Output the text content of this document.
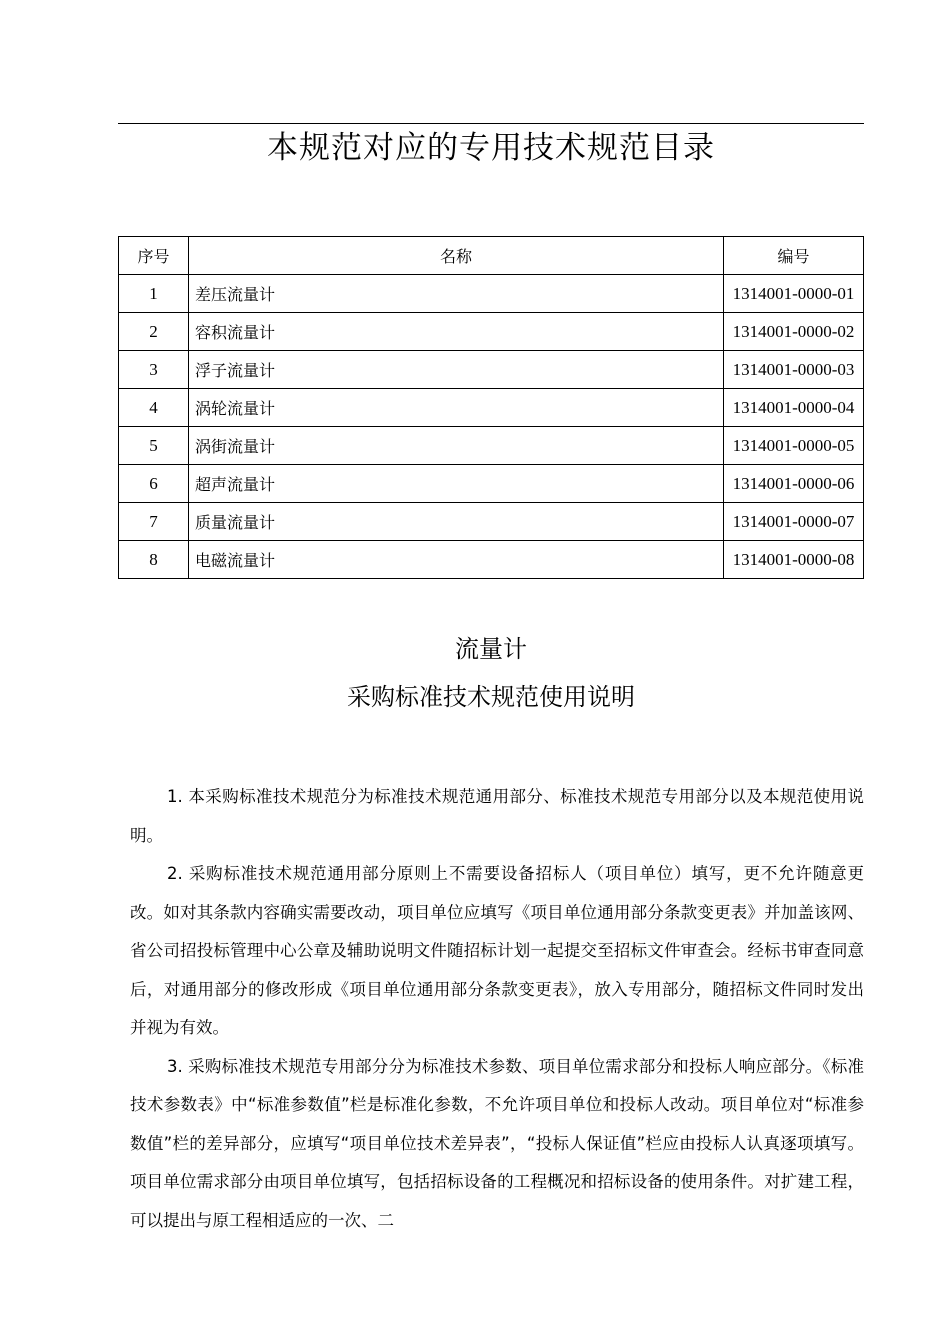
本规范对应的专用技术规范目录
序号	名称	编号
1	差压流量计	1314001-0000-01
2	容积流量计	1314001-0000-02
3	浮子流量计	1314001-0000-03
4	涡轮流量计	1314001-0000-04
5	涡街流量计	1314001-0000-05
6	超声流量计	1314001-0000-06
7	质量流量计	1314001-0000-07
8	电磁流量计	1314001-0000-08
流量计
采购标准技术规范使用说明

1. 本采购标准技术规范分为标准技术规范通用部分、标准技术规范专用部分以及本规范使用说明。

2. 采购标准技术规范通用部分原则上不需要设备招标人（项目单位）填写，更不允许随意更改。如对其条款内容确实需要改动，项目单位应填写《项目单位通用部分条款变更表》并加盖该网、省公司招投标管理中心公章及辅助说明文件随招标计划一起提交至招标文件审查会。经标书审查同意后，对通用部分的修改形成《项目单位通用部分条款变更表》，放入专用部分，随招标文件同时发出并视为有效。

3. 采购标准技术规范专用部分分为标准技术参数、项目单位需求部分和投标人响应部分。《标准技术参数表》中“标准参数值”栏是标准化参数，不允许项目单位和投标人改动。项目单位对“标准参数值”栏的差异部分，应填写“项目单位技术差异表”，“投标人保证值”栏应由投标人认真逐项填写。项目单位需求部分由项目单位填写，包括招标设备的工程概况和招标设备的使用条件。对扩建工程，可以提出与原工程相适应的一次、二
